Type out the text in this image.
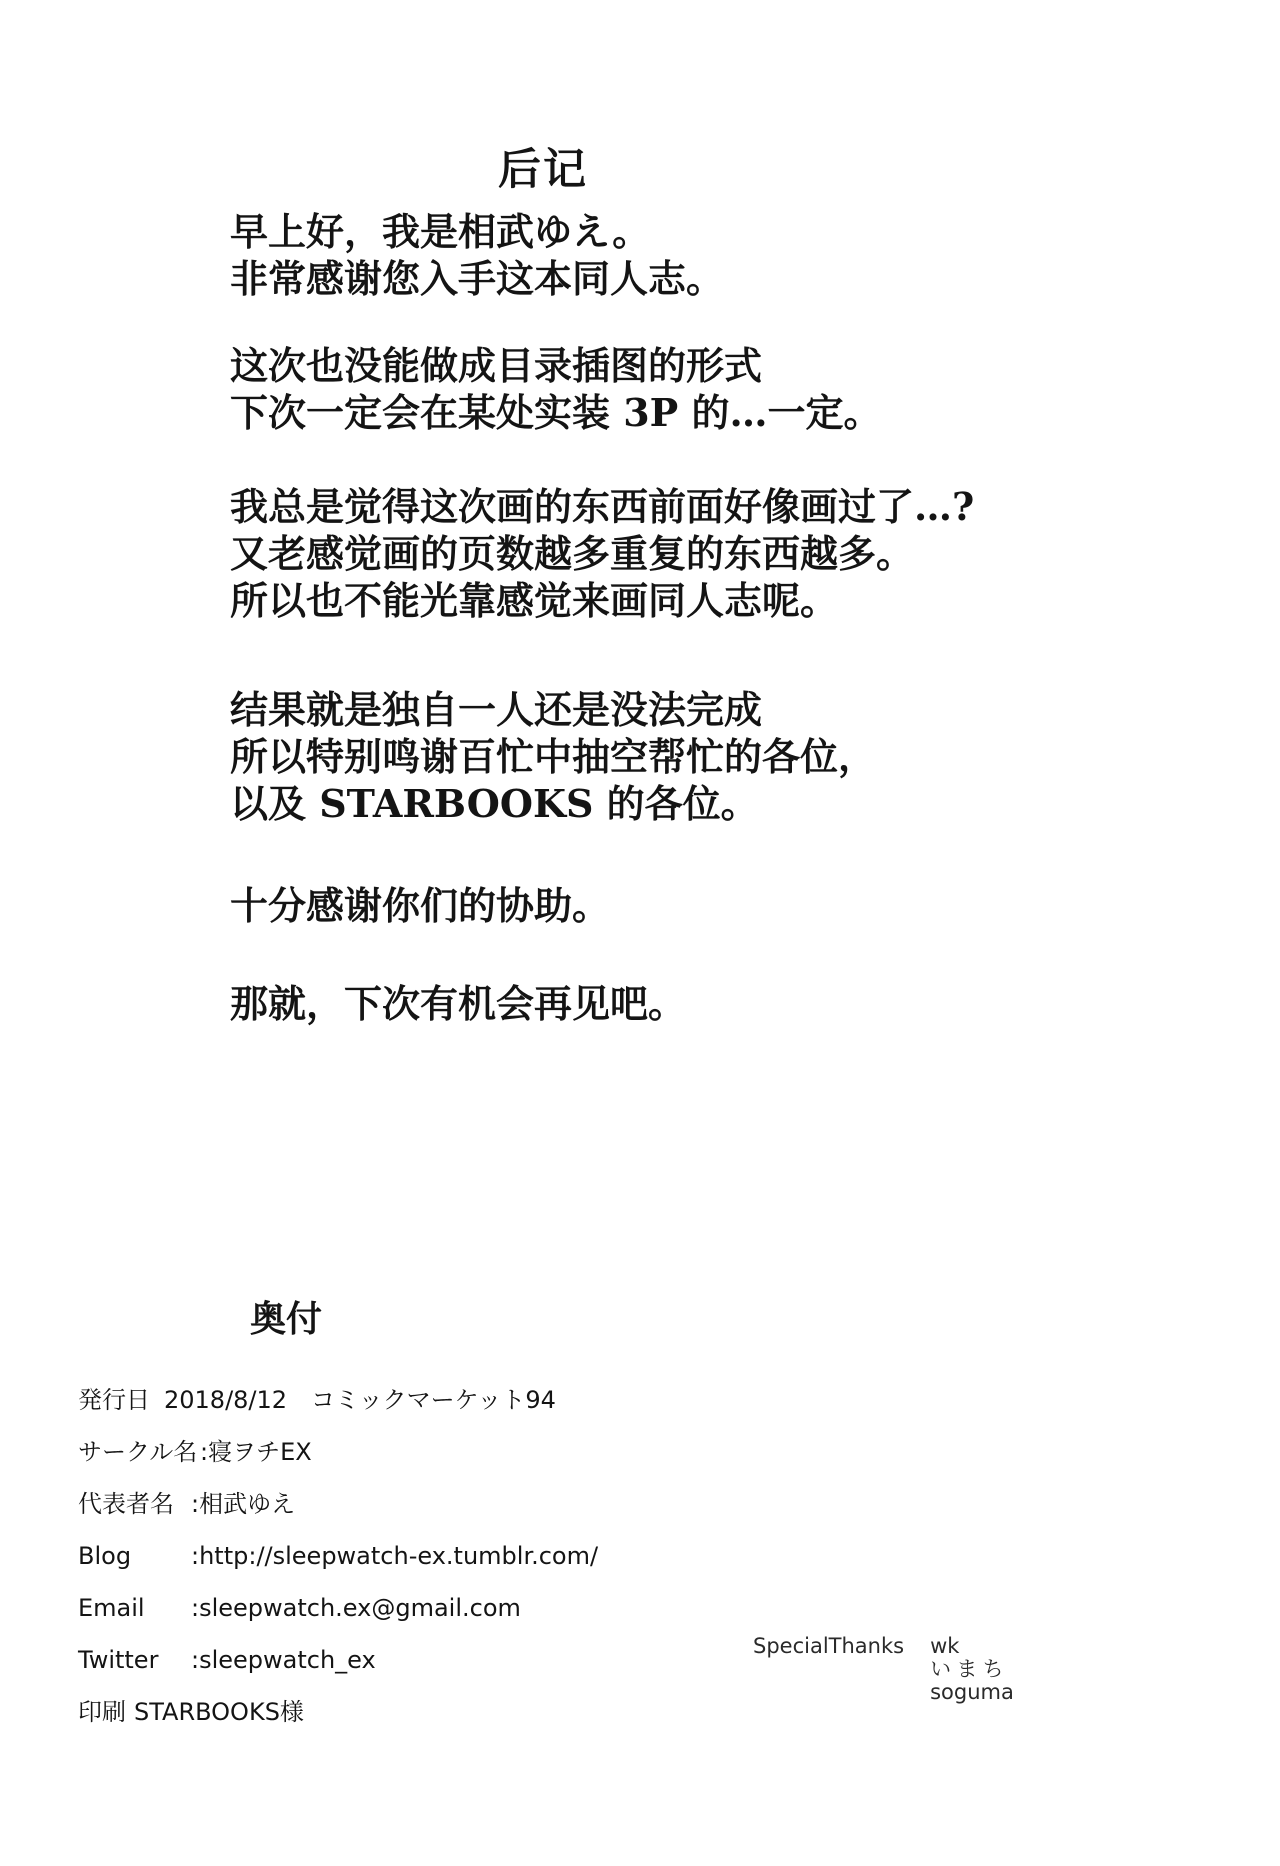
后记
早上好，我是相武ゆえ。
非常感谢您入手这本同人志。
这次也没能做成目录插图的形式
下次一定会在某处实装 3P 的…一定。
我总是觉得这次画的东西前面好像画过了…?
又老感觉画的页数越多重复的东西越多。
所以也不能光靠感觉来画同人志呢。
结果就是独自一人还是没法完成
所以特别鸣谢百忙中抽空帮忙的各位，
以及 STARBOOKS 的各位。
十分感谢你们的协助。
那就，下次有机会再见吧。
奥付
発行日 2018/8/12　コミックマーケット94
サークル名 :寝ヲチEX
代表者名 :相武ゆえ
Blog	:http://sleepwatch-ex.tumblr.com/
Email	:sleepwatch.ex@gmail.com
Twitter	:sleepwatch_ex
印刷 STARBOOKS様
SpecialThanks wk
いまち
soguma
